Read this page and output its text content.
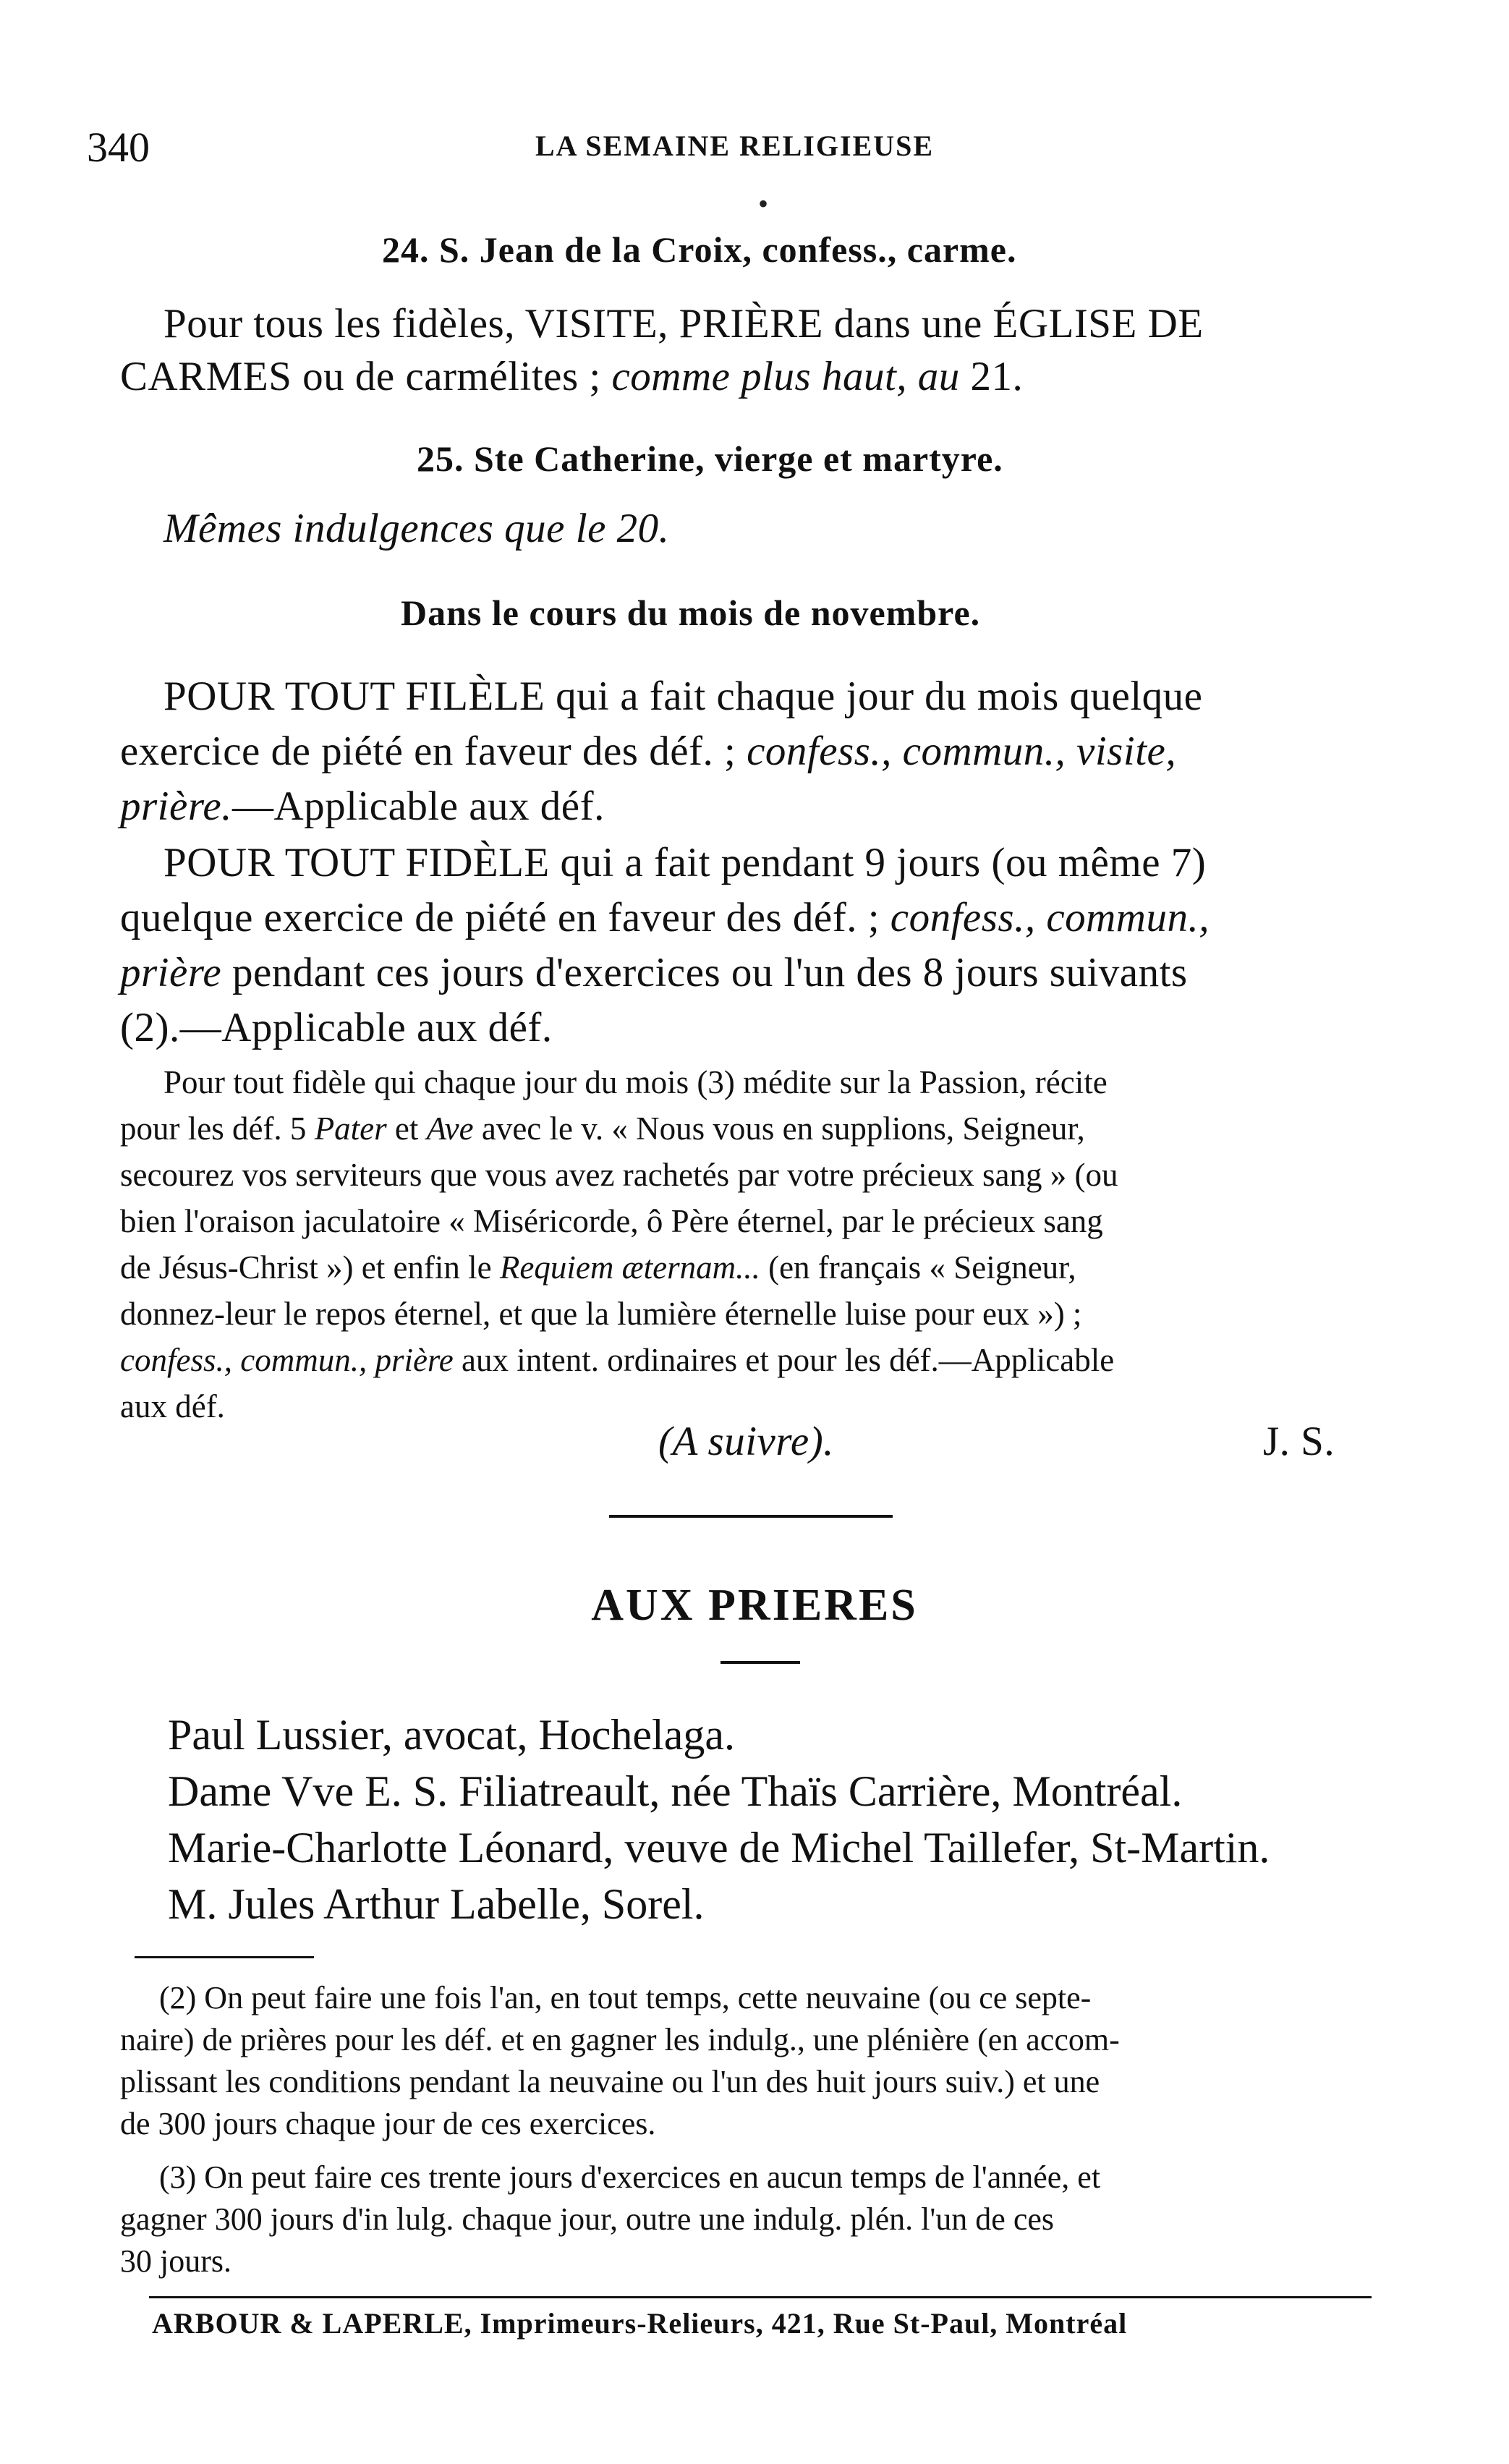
340	LA SEMAINE RELIGIEUSE
•
24. S. Jean de la Croix, confess., carme.
Pour tous les fidèles, VISITE, PRIÈRE dans une ÉGLISE DE
CARMES ou de carmélites ; comme plus haut, au 21.
25. Ste Catherine, vierge et martyre.
Mêmes indulgences que le 20.
Dans le cours du mois de novembre.
POUR TOUT FILÈLE qui a fait chaque jour du mois quelque
exercice de piété en faveur des déf. ; confess., commun., visite,
prière.—Applicable aux déf.
POUR TOUT FIDÈLE qui a fait pendant 9 jours (ou même 7)
quelque exercice de piété en faveur des déf. ; confess., commun.,
prière pendant ces jours d'exercices ou l'un des 8 jours suivants
(2).—Applicable aux déf.
Pour tout fidèle qui chaque jour du mois (3) médite sur la Passion, récite
pour les déf. 5 Pater et Ave avec le v. « Nous vous en supplions, Seigneur,
secourez vos serviteurs que vous avez rachetés par votre précieux sang » (ou
bien l'oraison jaculatoire « Miséricorde, ô Père éternel, par le précieux sang
de Jésus-Christ ») et enfin le Requiem æternam... (en français « Seigneur,
donnez-leur le repos éternel, et que la lumière éternelle luise pour eux ») ;
confess., commun., prière aux intent. ordinaires et pour les déf.—Applicable
aux déf.
(A suivre).	J. S.
AUX PRIERES
Paul Lussier, avocat, Hochelaga.
Dame Vve E. S. Filiatreault, née Thaïs Carrière, Montréal.
Marie-Charlotte Léonard, veuve de Michel Taillefer, St-Martin.
M. Jules Arthur Labelle, Sorel.
(2) On peut faire une fois l'an, en tout temps, cette neuvaine (ou ce septe-
naire) de prières pour les déf. et en gagner les indulg., une plénière (en accom-
plissant les conditions pendant la neuvaine ou l'un des huit jours suiv.) et une
de 300 jours chaque jour de ces exercices.
(3) On peut faire ces trente jours d'exercices en aucun temps de l'année, et
gagner 300 jours d'in lulg. chaque jour, outre une indulg. plén. l'un de ces
30 jours.
ARBOUR & LAPERLE, Imprimeurs-Relieurs, 421, Rue St-Paul, Montréal
